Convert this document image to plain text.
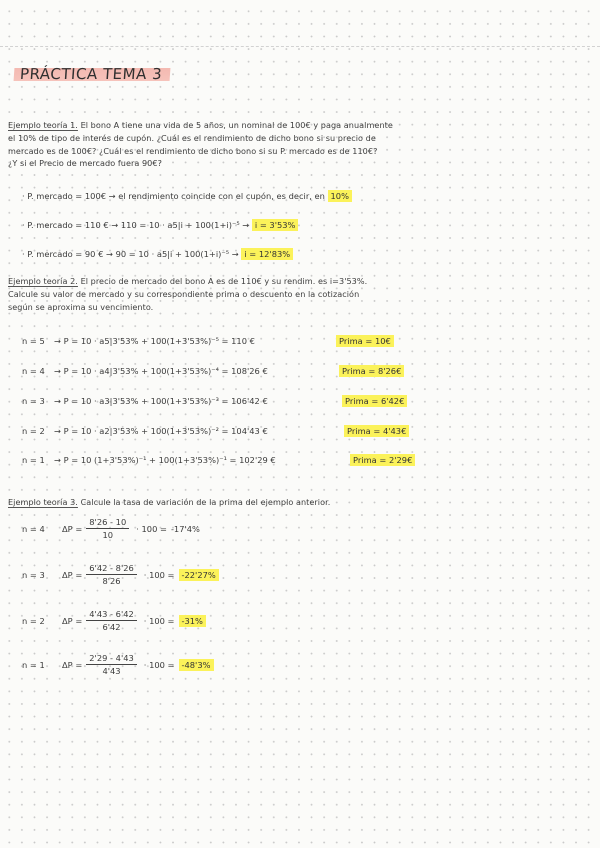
PRÁCTICA TEMA 3
Ejemplo teoría 1. El bono A tiene una vida de 5 años, un nominal de 100€ y paga anualmente
el 10% de tipo de interés de cupón. ¿Cuál es el rendimiento de dicho bono si su precio de
mercado es de 100€? ¿Cuál es el rendimiento de dicho bono si su P. mercado es de 110€?
¿Y si el Precio de mercado fuera 90€?
· P. mercado = 100€ → el rendimiento coincide con el cupón, es decir, en 10%
· P. mercado = 110 € → 110 = 10 · a5|i + 100(1+i)⁻⁵ → i = 3'53%
· P. mercado = 90 € → 90 = 10 · a5|i + 100(1+i)⁻⁵ → i = 12'83%
Ejemplo teoría 2. El precio de mercado del bono A es de 110€ y su rendim. es i=3'53%.
Calcule su valor de mercado y su correspondiente prima o descuento en la cotización
según se aproxima su vencimiento.
n = 5 → P = 10 · a5|3'53% + 100(1+3'53%)⁻⁵ = 110 €	Prima = 10€
n = 4 → P = 10 · a4|3'53% + 100(1+3'53%)⁻⁴ = 108'26 €	Prima = 8'26€
n = 3 → P = 10 · a3|3'53% + 100(1+3'53%)⁻³ = 106'42 €	Prima = 6'42€
n = 2 → P = 10 · a2|3'53% + 100(1+3'53%)⁻² = 104'43 €	Prima = 4'43€
n = 1 → P = 10 (1+3'53%)⁻¹ + 100(1+3'53%)⁻¹ = 102'29 €	Prima = 2'29€
Ejemplo teoría 3. Calcule la tasa de variación de la prima del ejemplo anterior.
n = 4	$\Delta P = \frac{8'26 - 10}{10} \cdot 100 = -17'4\%$
n = 3	$\Delta P = \frac{6'42 - 8'26}{8'26} \cdot 100 = -22'27\%$
n = 2	$\Delta P = \frac{4'43 - 6'42}{6'42} \cdot 100 = -31\%$
n = 1	$\Delta P = \frac{2'29 - 4'43}{4'43} \cdot 100 = -48'3\%$
